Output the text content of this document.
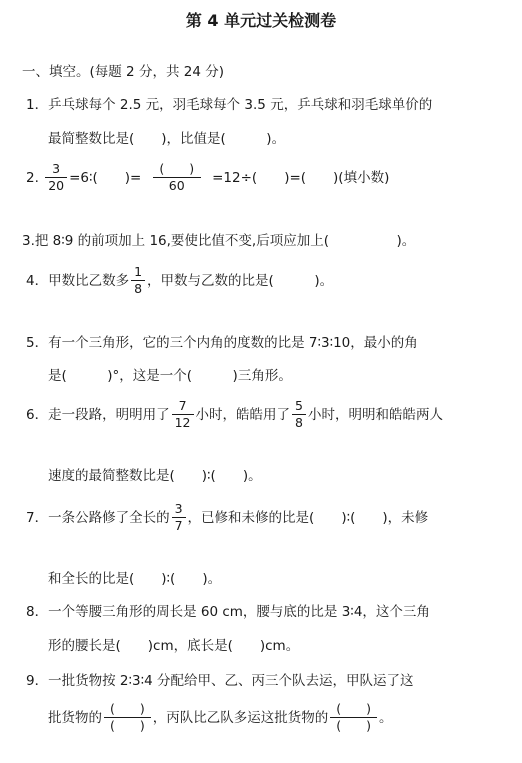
第 4 单元过关检测卷
一、填空。(每题 2 分，共 24 分)
1．乒乓球每个 2.5 元，羽毛球每个 3.5 元，乒乓球和羽毛球单价的
最简整数比是(　　)，比值是(　　　)。
2. $\frac{3}{20}$ =6∶(　　)= $\frac{( )}{60} =12\div$(　　)=(　　)(填小数)
3.把 8∶9 的前项加上 16,要使比值不变,后项应加上(　　　　　)。
4．甲数比乙数多 $\frac{1}{8}$ ，甲数与乙数的比是(　　　)。
5．有一个三角形，它的三个内角的度数的比是 7∶3∶10，最小的角
是(　　　)°，这是一个(　　　)三角形。
6．走一段路，明明用了 $\frac{7}{12}$ 小时，皓皓用了 $\frac{5}{8}$ 小时，明明和皓皓两人
速度的最简整数比是(　　)∶(　　)。
7．一条公路修了全长的 $\frac{3}{7}$ ，已修和未修的比是(　　)∶(　　)，未修
和全长的比是(　　)∶(　　)。
8．一个等腰三角形的周长是 60 cm，腰与底的比是 3∶4，这个三角
形的腰长是(　　)cm，底长是(　　)cm。
9．一批货物按 2∶3∶4 分配给甲、乙、丙三个队去运，甲队运了这
批货物的 $\frac{( )}{( )}$ ，丙队比乙队多运这批货物的 $\frac{( )}{( )}$ 。
